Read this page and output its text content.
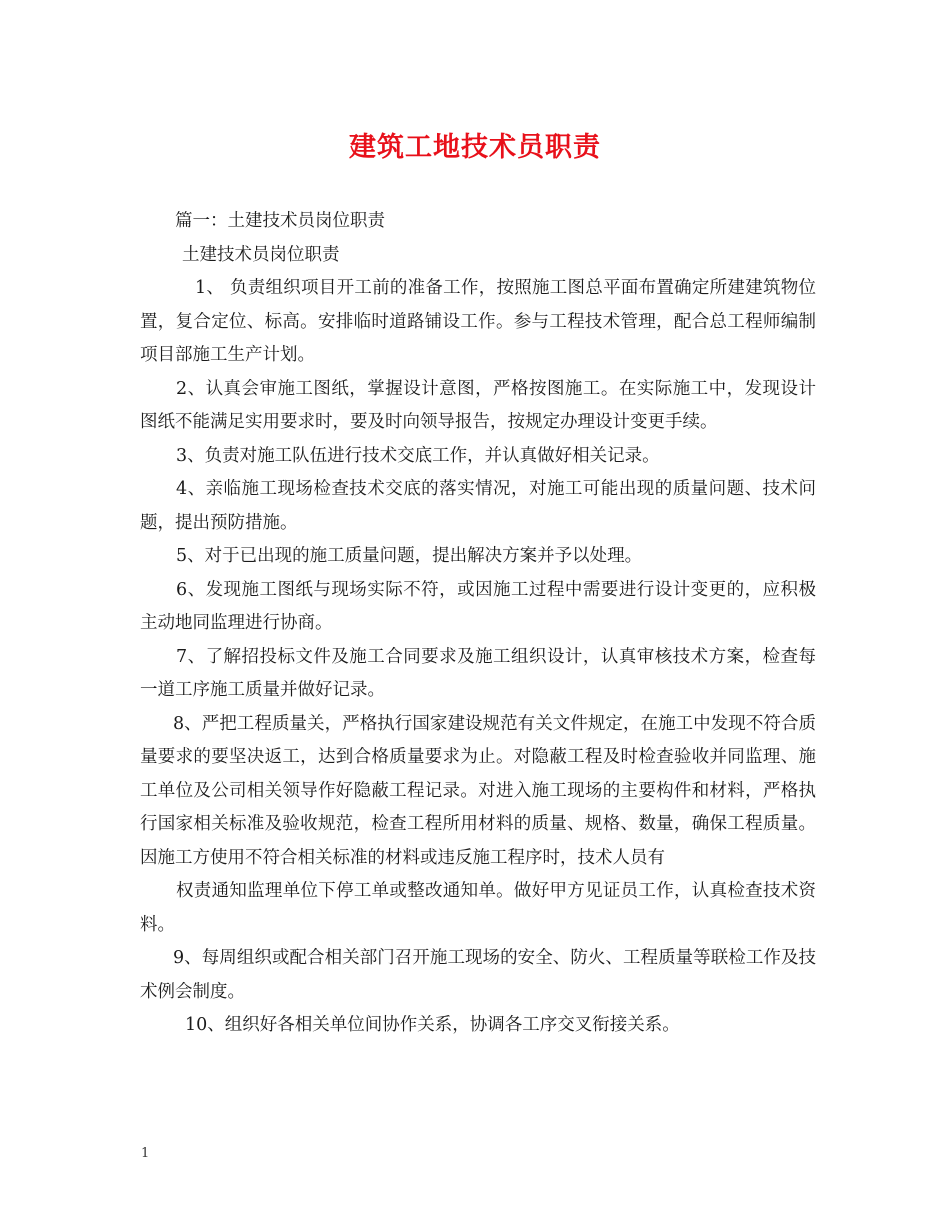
建筑工地技术员职责

篇一：土建技术员岗位职责

土建技术员岗位职责

1、 负责组织项目开工前的准备工作，按照施工图总平面布置确定所建建筑物位置，复合定位、标高。安排临时道路铺设工作。参与工程技术管理，配合总工程师编制项目部施工生产计划。

2、认真会审施工图纸，掌握设计意图，严格按图施工。在实际施工中，发现设计图纸不能满足实用要求时，要及时向领导报告，按规定办理设计变更手续。

3、负责对施工队伍进行技术交底工作，并认真做好相关记录。

4、亲临施工现场检查技术交底的落实情况，对施工可能出现的质量问题、技术问题，提出预防措施。

5、对于已出现的施工质量问题，提出解决方案并予以处理。

6、发现施工图纸与现场实际不符，或因施工过程中需要进行设计变更的，应积极主动地同监理进行协商。

7、了解招投标文件及施工合同要求及施工组织设计，认真审核技术方案，检查每一道工序施工质量并做好记录。

8、严把工程质量关，严格执行国家建设规范有关文件规定，在施工中发现不符合质量要求的要坚决返工，达到合格质量要求为止。对隐蔽工程及时检查验收并同监理、施工单位及公司相关领导作好隐蔽工程记录。对进入施工现场的主要构件和材料，严格执行国家相关标准及验收规范，检查工程所用材料的质量、规格、数量，确保工程质量。因施工方使用不符合相关标准的材料或违反施工程序时，技术人员有

权责通知监理单位下停工单或整改通知单。做好甲方见证员工作，认真检查技术资料。

9、每周组织或配合相关部门召开施工现场的安全、防火、工程质量等联检工作及技术例会制度。

10、组织好各相关单位间协作关系，协调各工序交叉衔接关系。

1
